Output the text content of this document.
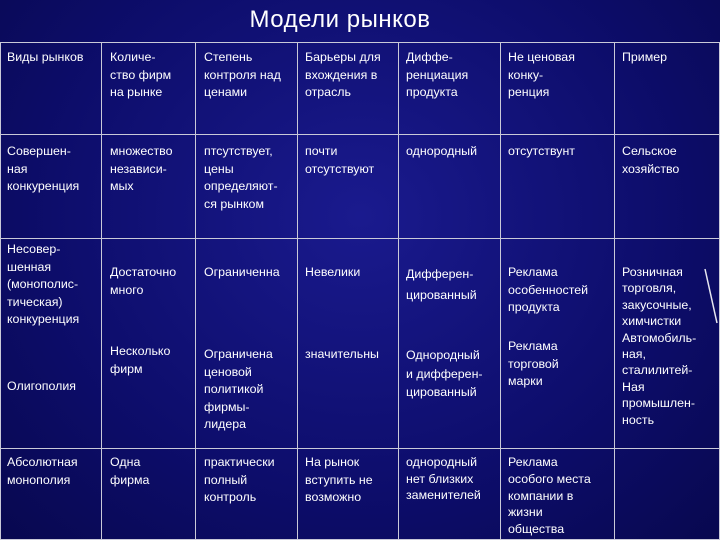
Модели рынков
Виды рынков Количе-
ство фирм
на рынке
Степень
контроля над
ценами
Барьеры для
вхождения в
отрасль
Диффе-
ренциация
продукта
Не ценовая
конку-
ренция
Пример
Совершен-
ная
конкуренция
множество
независи-
мых
птсутствует,
цены
определяют-
ся рынком
почти
отсутствуют
однородный	отсутствунт	Сельское
хозяйство
Несовер-
шенная
(монополис-
тическая)
конкуренция
Олигополия
Достаточно
много
Несколько
фирм
Ограниченна
Ограничена
ценовой
политикой
фирмы-
лидера
Невелики
значительны
Дифферен-
цированный
Однородный
и дифферен-
цированный
Реклама
особенностей
продукта
Реклама
торговой
марки
Розничная
торговля,
закусочные,
химчистки
Автомобиль-
ная,
сталилитей-
Ная
промышлен-
ность
Абсолютная
монополия
Одна
фирма
практически
полный
контроль
На рынок
вступить не
возможно
однородный
нет близких
заменителей
Реклама
особого места
компании в
жизни
общества
